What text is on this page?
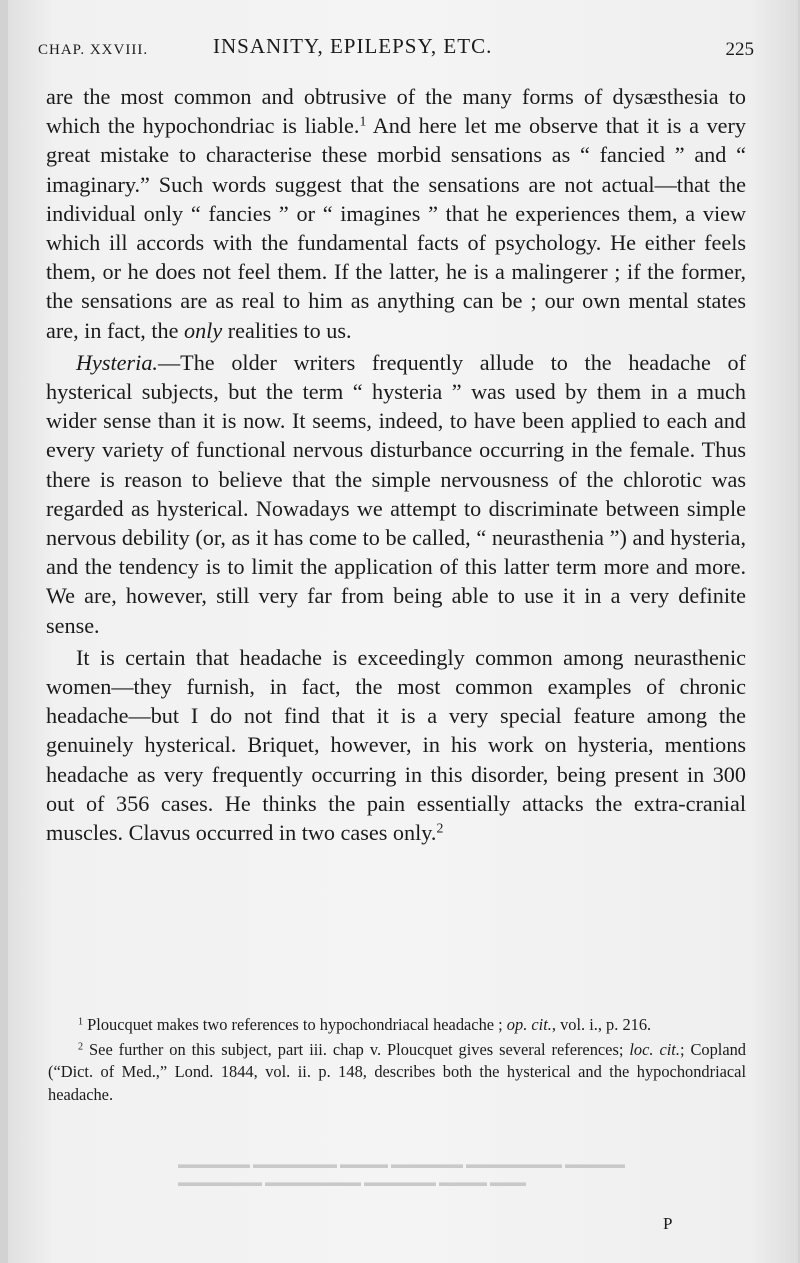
▬▬▬▬▬▬ ▬▬▬▬▬▬▬ ▬▬▬▬ ▬▬▬▬▬▬ ▬▬▬▬▬▬▬▬ ▬▬▬▬▬
▬▬▬▬▬▬▬ ▬▬▬▬▬▬▬▬ ▬▬▬▬▬▬ ▬▬▬▬ ▬▬▬
CHAP. XXVIII.	INSANITY, EPILEPSY, ETC.	225

are the most common and obtrusive of the many forms of dysæsthesia to which the hypochondriac is liable.$^1$ And here let me observe that it is a very great mistake to characterise these morbid sensations as “ fancied ” and “ imaginary.” Such words suggest that the sensations are not actual—that the individual only “ fancies ” or “ imagines ” that he experiences them, a view which ill accords with the fundamental facts of psychology. He either feels them, or he does not feel them. If the latter, he is a malingerer ; if the former, the sensations are as real to him as anything can be ; our own mental states are, in fact, the only realities to us.

Hysteria.—The older writers frequently allude to the headache of hysterical subjects, but the term “ hysteria ” was used by them in a much wider sense than it is now. It seems, indeed, to have been applied to each and every variety of functional nervous disturbance occurring in the female. Thus there is reason to believe that the simple nervousness of the chlorotic was regarded as hysterical. Nowadays we attempt to discriminate between simple nervous debility (or, as it has come to be called, “ neurasthenia ”) and hysteria, and the tendency is to limit the application of this latter term more and more. We are, however, still very far from being able to use it in a very definite sense.

It is certain that headache is exceedingly common among neurasthenic women—they furnish, in fact, the most common examples of chronic headache—but I do not find that it is a very special feature among the genuinely hysterical. Briquet, however, in his work on hysteria, mentions headache as very frequently occurring in this disorder, being present in 300 out of 356 cases. He thinks the pain essentially attacks the extra-cranial muscles. Clavus occurred in two cases only.$^2$

$^1$ Ploucquet makes two references to hypochondriacal headache ; op. cit., vol. i., p. 216.

$^2$ See further on this subject, part iii. chap v. Ploucquet gives several references; loc. cit.; Copland (“Dict. of Med.,” Lond. 1844, vol. ii. p. 148, describes both the hysterical and the hypochondriacal headache.

P
